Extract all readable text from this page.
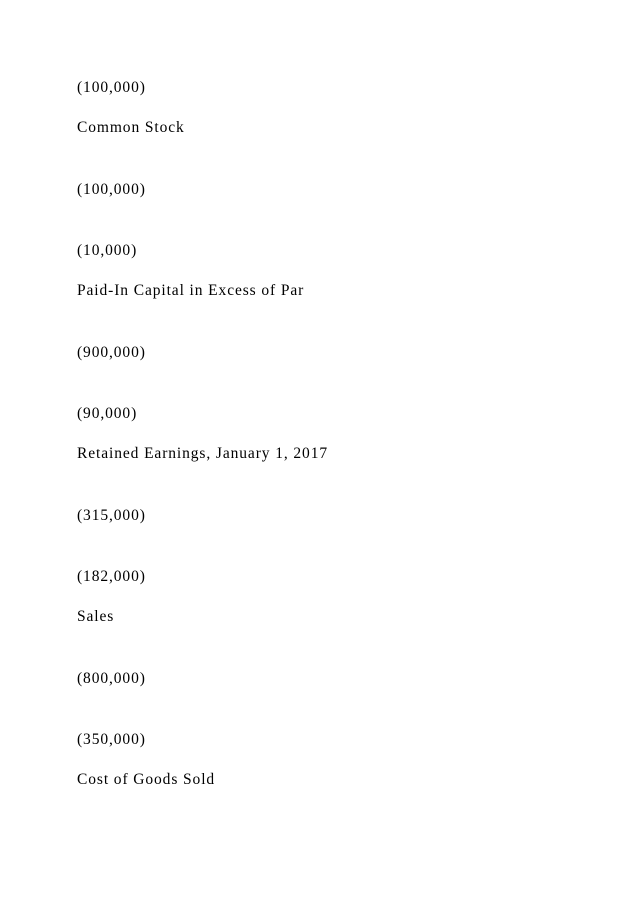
(100,000)
Common Stock
(100,000)
(10,000)
Paid-In Capital in Excess of Par
(900,000)
(90,000)
Retained Earnings, January 1, 2017
(315,000)
(182,000)
Sales
(800,000)
(350,000)
Cost of Goods Sold
